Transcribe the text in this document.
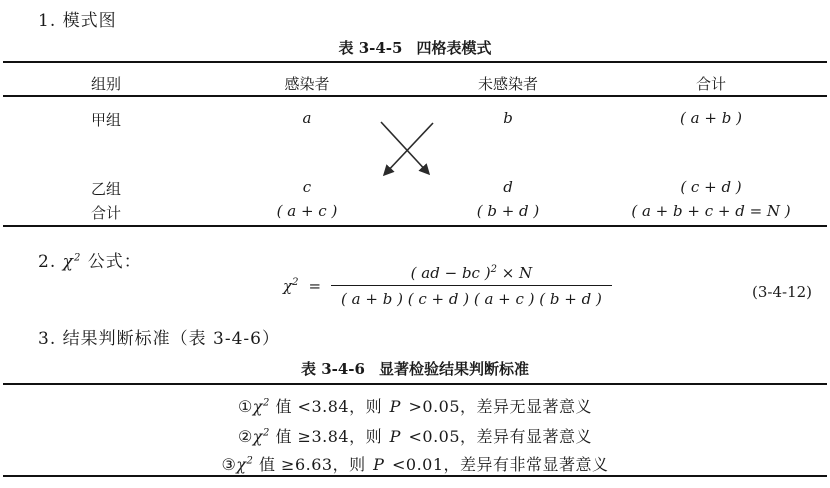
1. 模式图
表 3-4-5 四格表模式
组别	感染者	未感染者	合计
甲组	a	b	( a + b )
乙组	c	d	( c + d )
合计	( a + c )	( b + d )	( a + b + c + d = N )
2. $\chi^2$ 公式：
$\chi^2 = \frac{( ad - bc )^2 \times N}{( a + b ) ( c + d ) ( a + c ) ( b + d )}$	(3-4-12)
3. 结果判断标准（表 3-4-6）
表 3-4-6 显著检验结果判断标准
$①\chi^2$ 值 <3.84，则 P >0.05，差异无显著意义
$②\chi^2$ 值 ≥3.84，则 P <0.05，差异有显著意义
$③\chi^2$ 值 ≥6.63，则 P <0.01，差异有非常显著意义
